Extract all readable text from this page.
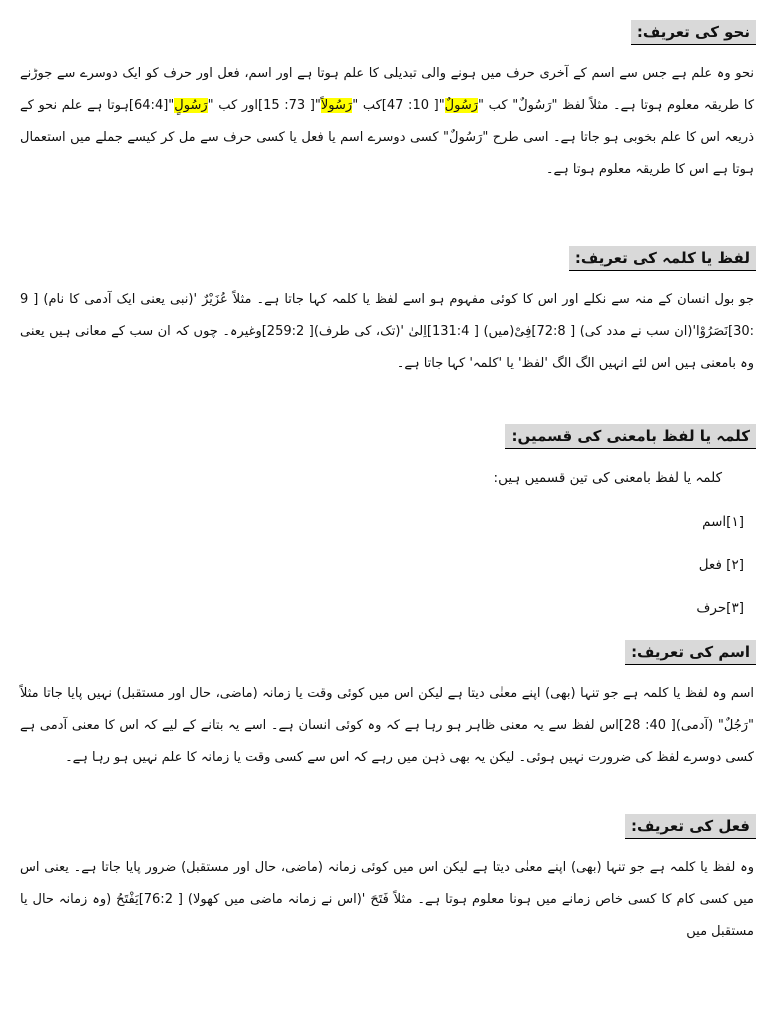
نحو کی تعریف:
نحو وہ علم ہے جس سے اسم کے آخری حرف میں ہونے والی تبدیلی کا علم ہوتا ہے اور اسم، فعل اور حرف کو ایک دوسرے سے جوڑنے کا طریقہ معلوم ہوتا ہے۔ مثلاً لفظ "رَسُولٌ" کب "رَسُولٌ"[ 10: 47]کب "رَسُولاً"[ 73: 15]اور کب "رَسُولٍ"[64:4]ہوتا ہے علم نحو کے ذریعہ اس کا علم بخوبی ہو جاتا ہے۔ اسی طرح "رَسُولٌ" کسی دوسرے اسم یا فعل یا کسی حرف سے مل کر کیسے جملے میں استعمال ہوتا ہے اس کا طریقہ معلوم ہوتا ہے۔
لفظ یا کلمہ کی تعریف:
جو بول انسان کے منہ سے نکلے اور اس کا کوئی مفہوم ہو اسے لفظ یا کلمہ کہا جاتا ہے۔ مثلاً عُزَیْرٌ '(نبی یعنی ایک آدمی کا نام) [ 9 :30]نَصَرُوْا'(ان سب نے مدد کی) [ 72:8]فِیْ(میں) [ 131:4]اِلیٰ '(تک، کی طرف)[ 259:2]وغیرہ۔ چوں کہ ان سب کے معانی ہیں یعنی وہ بامعنی ہیں اس لئے انہیں الگ الگ 'لفظ' یا 'کلمہ' کہا جاتا ہے۔
کلمہ یا لفظ بامعنی کی قسمیں:
کلمہ یا لفظ بامعنی کی تین قسمیں ہیں:
[۱]اسم
[۲] فعل
[۳]حرف
اسم کی تعریف:
اسم وہ لفظ یا کلمہ ہے جو تنہا (بھی) اپنے معنٰی دیتا ہے لیکن اس میں کوئی وقت یا زمانہ (ماضی، حال اور مستقبل) نہیں پایا جاتا مثلاً "رَجُلٌ" (آدمی)[ 40: 28]اس لفظ سے یہ معنی ظاہر ہو رہا ہے کہ وہ کوئی انسان ہے۔ اسے یہ بتانے کے لیے کہ اس کا معنی آدمی ہے کسی دوسرے لفظ کی ضرورت نہیں ہوئی۔ لیکن یہ بھی ذہن میں رہے کہ اس سے کسی وقت یا زمانہ کا علم نہیں ہو رہا ہے۔
فعل کی تعریف:
وہ لفظ یا کلمہ ہے جو تنہا (بھی) اپنے معنٰی دیتا ہے لیکن اس میں کوئی زمانہ (ماضی، حال اور مستقبل) ضرور پایا جاتا ہے۔ یعنی اس میں کسی کام کا کسی خاص زمانے میں ہونا معلوم ہوتا ہے۔ مثلاً فَتَحَ '(اس نے زمانہ ماضی میں کھولا) [ 76:2]یَفْتَحُ (وہ زمانہ حال یا مستقبل میں
